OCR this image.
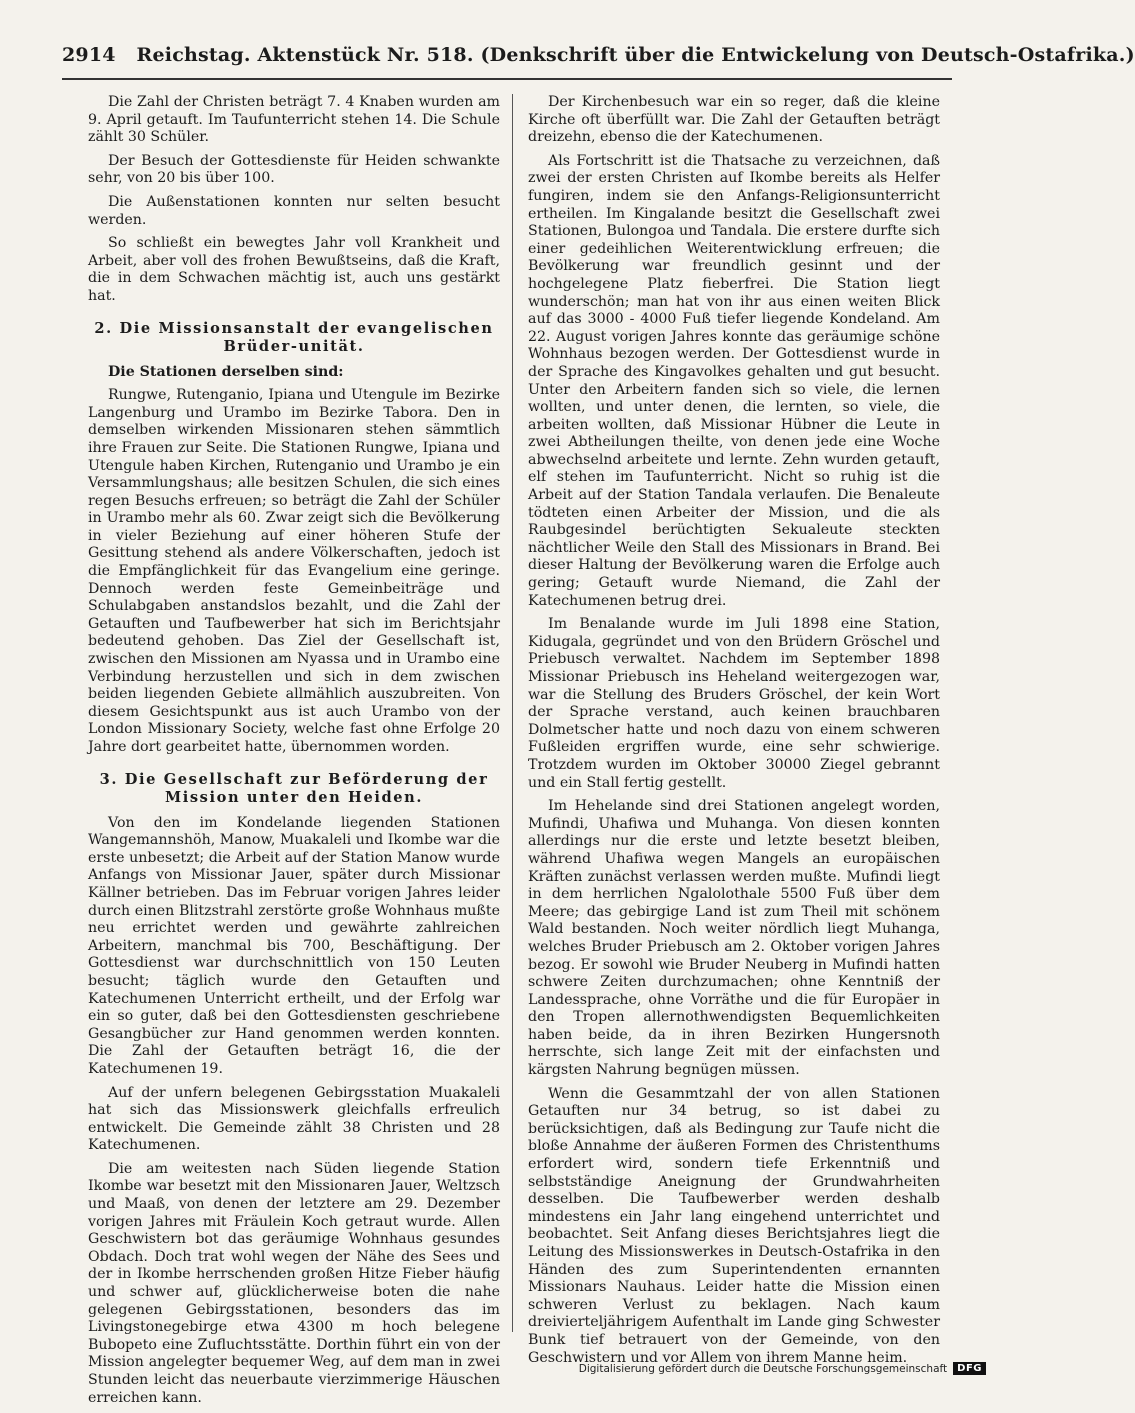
2914 Reichstag. Aktenstück Nr. 518. (Denkschrift über die Entwickelung von Deutsch-Ostafrika.)

Die Zahl der Christen beträgt 7. 4 Knaben wurden am 9. April getauft. Im Taufunterricht stehen 14. Die Schule zählt 30 Schüler.

Der Besuch der Gottesdienste für Heiden schwankte sehr, von 20 bis über 100.

Die Außenstationen konnten nur selten besucht werden.

So schließt ein bewegtes Jahr voll Krankheit und Arbeit, aber voll des frohen Bewußtseins, daß die Kraft, die in dem Schwachen mächtig ist, auch uns gestärkt hat.

2. Die Missionsanstalt der evangelischen Brüder-unität.
Die Stationen derselben sind:

Rungwe, Rutenganio, Ipiana und Utengule im Bezirke Langenburg und Urambo im Bezirke Tabora. Den in demselben wirkenden Missionaren stehen sämmtlich ihre Frauen zur Seite. Die Stationen Rungwe, Ipiana und Utengule haben Kirchen, Rutenganio und Urambo je ein Versammlungshaus; alle besitzen Schulen, die sich eines regen Besuchs erfreuen; so beträgt die Zahl der Schüler in Urambo mehr als 60. Zwar zeigt sich die Bevölkerung in vieler Beziehung auf einer höheren Stufe der Gesittung stehend als andere Völkerschaften, jedoch ist die Empfänglichkeit für das Evangelium eine geringe. Dennoch werden feste Gemeinbeiträge und Schulabgaben anstandslos bezahlt, und die Zahl der Getauften und Taufbewerber hat sich im Berichtsjahr bedeutend gehoben. Das Ziel der Gesellschaft ist, zwischen den Missionen am Nyassa und in Urambo eine Verbindung herzustellen und sich in dem zwischen beiden liegenden Gebiete allmählich auszubreiten. Von diesem Gesichtspunkt aus ist auch Urambo von der London Missionary Society, welche fast ohne Erfolge 20 Jahre dort gearbeitet hatte, übernommen worden.

3. Die Gesellschaft zur Beförderung der Mission unter den Heiden.

Von den im Kondelande liegenden Stationen Wangemannshöh, Manow, Muakaleli und Ikombe war die erste unbesetzt; die Arbeit auf der Station Manow wurde Anfangs von Missionar Jauer, später durch Missionar Källner betrieben. Das im Februar vorigen Jahres leider durch einen Blitzstrahl zerstörte große Wohnhaus mußte neu errichtet werden und gewährte zahlreichen Arbeitern, manchmal bis 700, Beschäftigung. Der Gottesdienst war durchschnittlich von 150 Leuten besucht; täglich wurde den Getauften und Katechumenen Unterricht ertheilt, und der Erfolg war ein so guter, daß bei den Gottesdiensten geschriebene Gesangbücher zur Hand genommen werden konnten. Die Zahl der Getauften beträgt 16, die der Katechumenen 19.

Auf der unfern belegenen Gebirgsstation Muakaleli hat sich das Missionswerk gleichfalls erfreulich entwickelt. Die Gemeinde zählt 38 Christen und 28 Katechumenen.

Die am weitesten nach Süden liegende Station Ikombe war besetzt mit den Missionaren Jauer, Weltzsch und Maaß, von denen der letztere am 29. Dezember vorigen Jahres mit Fräulein Koch getraut wurde. Allen Geschwistern bot das geräumige Wohnhaus gesundes Obdach. Doch trat wohl wegen der Nähe des Sees und der in Ikombe herrschenden großen Hitze Fieber häufig und schwer auf, glücklicherweise boten die nahe gelegenen Gebirgsstationen, besonders das im Livingstonegebirge etwa 4300 m hoch belegene Bubopeto eine Zufluchtsstätte. Dorthin führt ein von der Mission angelegter bequemer Weg, auf dem man in zwei Stunden leicht das neuerbaute vierzimmerige Häuschen erreichen kann.

Der Kirchenbesuch war ein so reger, daß die kleine Kirche oft überfüllt war. Die Zahl der Getauften beträgt dreizehn, ebenso die der Katechumenen.

Als Fortschritt ist die Thatsache zu verzeichnen, daß zwei der ersten Christen auf Ikombe bereits als Helfer fungiren, indem sie den Anfangs-Religionsunterricht ertheilen. Im Kingalande besitzt die Gesellschaft zwei Stationen, Bulongoa und Tandala. Die erstere durfte sich einer gedeihlichen Weiterentwicklung erfreuen; die Bevölkerung war freundlich gesinnt und der hochgelegene Platz fieberfrei. Die Station liegt wunderschön; man hat von ihr aus einen weiten Blick auf das 3000 - 4000 Fuß tiefer liegende Kondeland. Am 22. August vorigen Jahres konnte das geräumige schöne Wohnhaus bezogen werden. Der Gottesdienst wurde in der Sprache des Kingavolkes gehalten und gut besucht. Unter den Arbeitern fanden sich so viele, die lernen wollten, und unter denen, die lernten, so viele, die arbeiten wollten, daß Missionar Hübner die Leute in zwei Abtheilungen theilte, von denen jede eine Woche abwechselnd arbeitete und lernte. Zehn wurden getauft, elf stehen im Taufunterricht. Nicht so ruhig ist die Arbeit auf der Station Tandala verlaufen. Die Benaleute tödteten einen Arbeiter der Mission, und die als Raubgesindel berüchtigten Sekualeute steckten nächtlicher Weile den Stall des Missionars in Brand. Bei dieser Haltung der Bevölkerung waren die Erfolge auch gering; Getauft wurde Niemand, die Zahl der Katechumenen betrug drei.

Im Benalande wurde im Juli 1898 eine Station, Kidugala, gegründet und von den Brüdern Gröschel und Priebusch verwaltet. Nachdem im September 1898 Missionar Priebusch ins Heheland weitergezogen war, war die Stellung des Bruders Gröschel, der kein Wort der Sprache verstand, auch keinen brauchbaren Dolmetscher hatte und noch dazu von einem schweren Fußleiden ergriffen wurde, eine sehr schwierige. Trotzdem wurden im Oktober 30000 Ziegel gebrannt und ein Stall fertig gestellt.

Im Hehelande sind drei Stationen angelegt worden, Mufindi, Uhafiwa und Muhanga. Von diesen konnten allerdings nur die erste und letzte besetzt bleiben, während Uhafiwa wegen Mangels an europäischen Kräften zunächst verlassen werden mußte. Mufindi liegt in dem herrlichen Ngalolothale 5500 Fuß über dem Meere; das gebirgige Land ist zum Theil mit schönem Wald bestanden. Noch weiter nördlich liegt Muhanga, welches Bruder Priebusch am 2. Oktober vorigen Jahres bezog. Er sowohl wie Bruder Neuberg in Mufindi hatten schwere Zeiten durchzumachen; ohne Kenntniß der Landessprache, ohne Vorräthe und die für Europäer in den Tropen allernothwendigsten Bequemlichkeiten haben beide, da in ihren Bezirken Hungersnoth herrschte, sich lange Zeit mit der einfachsten und kärgsten Nahrung begnügen müssen.

Wenn die Gesammtzahl der von allen Stationen Getauften nur 34 betrug, so ist dabei zu berücksichtigen, daß als Bedingung zur Taufe nicht die bloße Annahme der äußeren Formen des Christenthums erfordert wird, sondern tiefe Erkenntniß und selbstständige Aneignung der Grundwahrheiten desselben. Die Taufbewerber werden deshalb mindestens ein Jahr lang eingehend unterrichtet und beobachtet. Seit Anfang dieses Berichtsjahres liegt die Leitung des Missionswerkes in Deutsch-Ostafrika in den Händen des zum Superintendenten ernannten Missionars Nauhaus. Leider hatte die Mission einen schweren Verlust zu beklagen. Nach kaum dreivierteljährigem Aufenthalt im Lande ging Schwester Bunk tief betrauert von der Gemeinde, von den Geschwistern und vor Allem von ihrem Manne heim.

Digitalisierung gefördert durch die Deutsche Forschungsgemeinschaft	DFG
